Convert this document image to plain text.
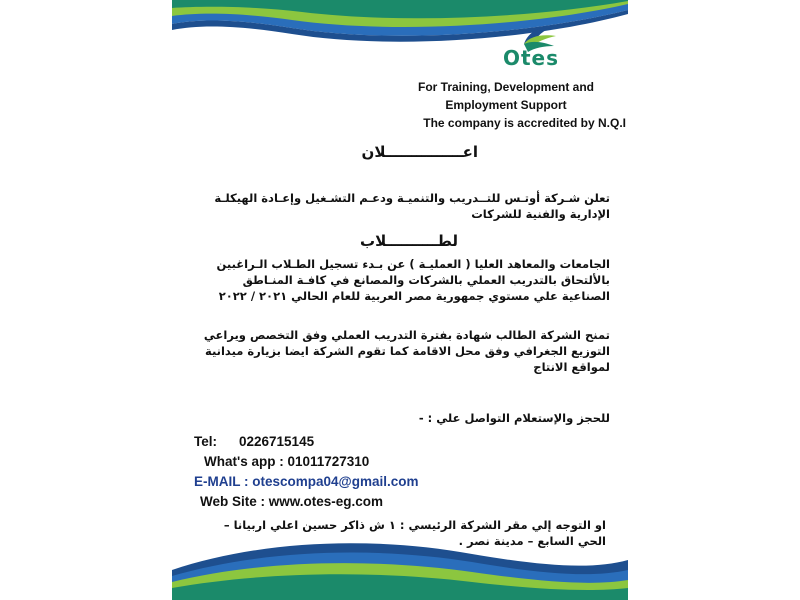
Otes
For Training, Development and
Employment Support
The company is accredited by N.Q.I
اعـــــــــــــــلان
تعلن شـركة أوتـس للتــدريب والتنميـة ودعـم التشـغيل وإعـادة الهيكلـة الإدارية والفنية للشركات
لطــــــــــلاب
الجامعات والمعاهد العليا ( العمليـة ) عن بـدء تسجيل الطـلاب الـراغبين بالألتحاق بالتدريب العملي بالشركات والمصانع في كافـة المنـاطق الصناعية علي مستوي جمهورية مصر العربية للعام الحالي ٢٠٢١ / ٢٠٢٢
تمنح الشركة الطالب شهادة بفترة التدريب العملي وفق التخصص ويراعي التوزيع الجغرافي وفق محل الاقامة كما تقوم الشركة ايضا بزيارة ميدانية لمواقع الانتاج
للحجز والإستعلام التواصل علي : -
Tel: 0226715145
What's app : 01011727310
E-MAIL : otescompa04@gmail.com
Web Site : www.otes-eg.com
او التوجه إلي مقر الشركة الرئيسي : ١ ش ذاكر حسين اعلي اربيانا – الحي السابع – مدينة نصر .
